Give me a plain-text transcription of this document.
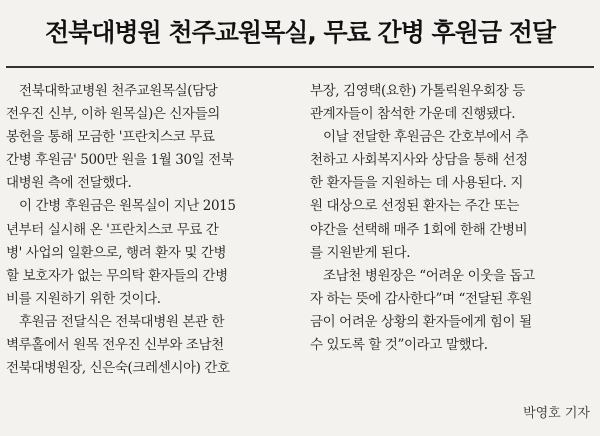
전북대병원 천주교원목실, 무료 간병 후원금 전달
전북대학교병원 천주교원목실(담당
전우진 신부, 이하 원목실)은 신자들의
봉헌을 통해 모금한 '프란치스코 무료
간병 후원금' 500만 원을 1월 30일 전북
대병원 측에 전달했다.
이 간병 후원금은 원목실이 지난 2015
년부터 실시해 온 '프란치스코 무료 간
병' 사업의 일환으로, 행려 환자 및 간병
할 보호자가 없는 무의탁 환자들의 간병
비를 지원하기 위한 것이다.
후원금 전달식은 전북대병원 본관 한
벽루홀에서 원목 전우진 신부와 조남천
전북대병원장, 신은숙(크레센시아) 간호
부장, 김영택(요한) 가톨릭원우회장 등
관계자들이 참석한 가운데 진행됐다.
이날 전달한 후원금은 간호부에서 추
천하고 사회복지사와 상담을 통해 선정
한 환자들을 지원하는 데 사용된다. 지
원 대상으로 선정된 환자는 주간 또는
야간을 선택해 매주 1회에 한해 간병비
를 지원받게 된다.
조남천 병원장은 “어려운 이웃을 돕고
자 하는 뜻에 감사한다”며 “전달된 후원
금이 어려운 상황의 환자들에게 힘이 될
수 있도록 할 것”이라고 말했다.
박영호 기자
